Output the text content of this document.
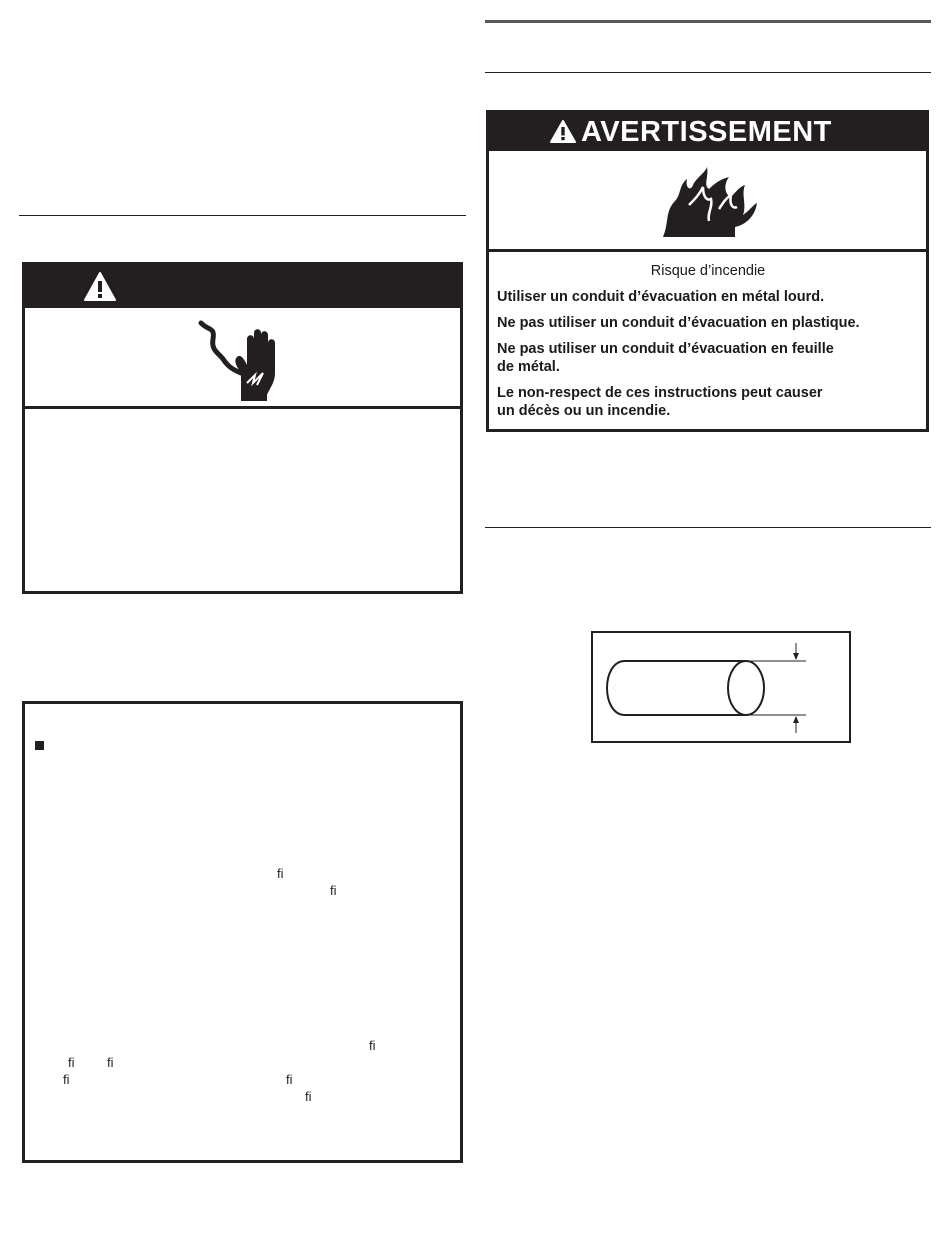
ﬁ
ﬁ
ﬁ
ﬁ	ﬁ
ﬁ	ﬁ
ﬁ
AVERTISSEMENT
Risque d’incendie
Utiliser un conduit d’évacuation en métal lourd.
Ne pas utiliser un conduit d’évacuation en plastique.
Ne pas utiliser un conduit d’évacuation en feuille
de métal.
Le non-respect de ces instructions peut causer
un décès ou un incendie.
